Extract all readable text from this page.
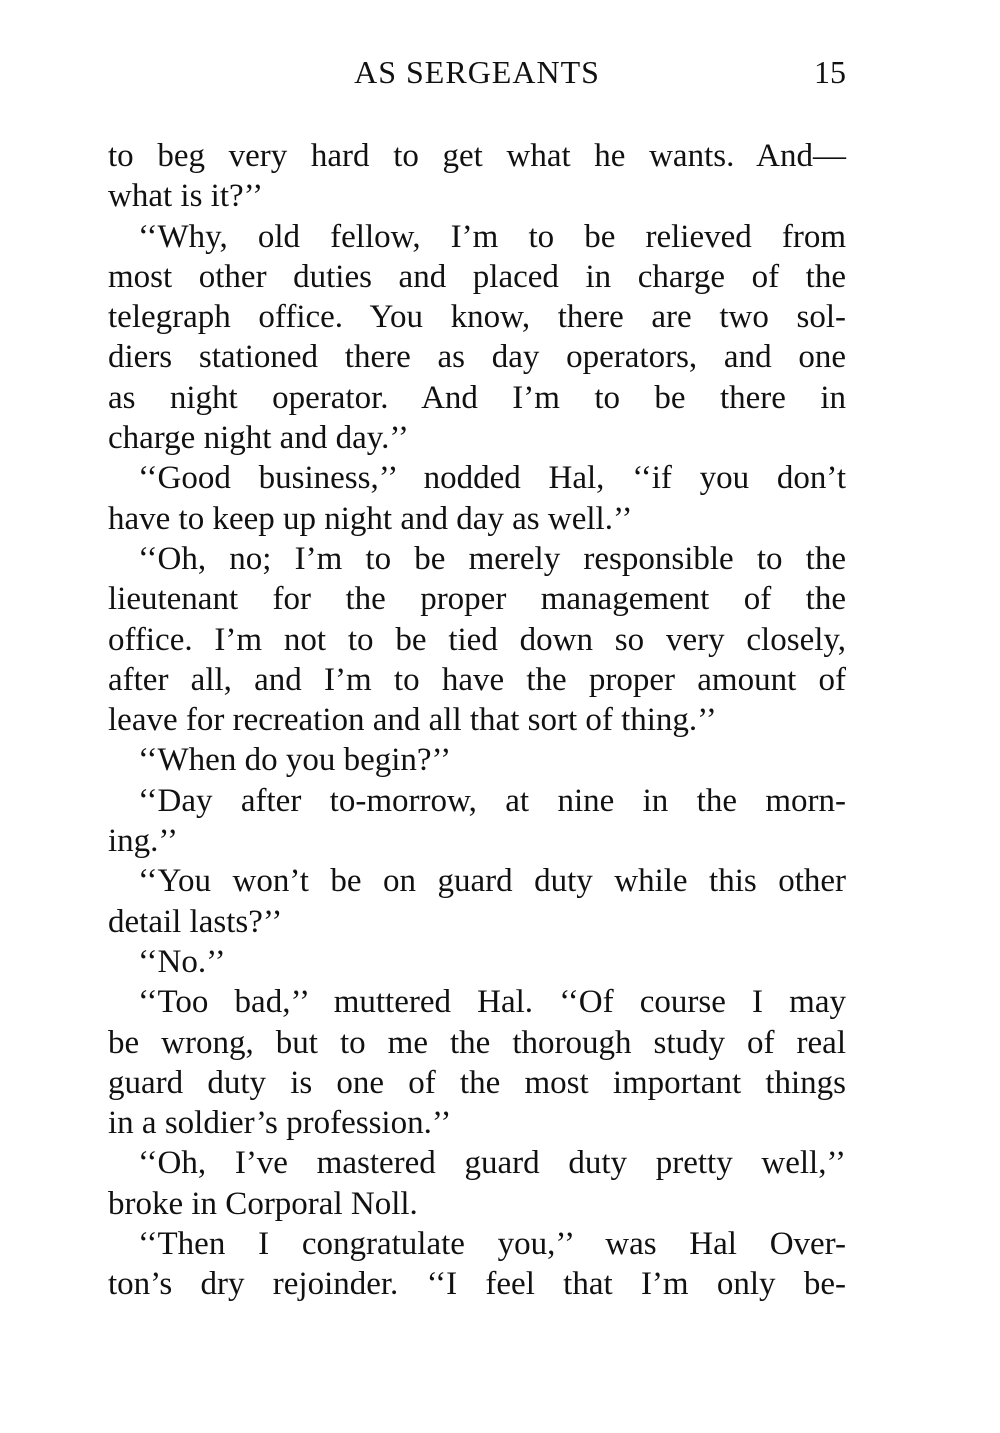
AS SERGEANTS	15
to beg very hard to get what he wants. And—
what is it?’’
‘‘Why, old fellow, I’m to be relieved from
most other duties and placed in charge of the
telegraph office. You know, there are two sol-
diers stationed there as day operators, and one
as night operator. And I’m to be there in
charge night and day.’’
‘‘Good business,’’ nodded Hal, ‘‘if you don’t
have to keep up night and day as well.’’
‘‘Oh, no; I’m to be merely responsible to the
lieutenant for the proper management of the
office. I’m not to be tied down so very closely,
after all, and I’m to have the proper amount of
leave for recreation and all that sort of thing.’’
‘‘When do you begin?’’
‘‘Day after to-morrow, at nine in the morn-
ing.’’
‘‘You won’t be on guard duty while this other
detail lasts?’’
‘‘No.’’
‘‘Too bad,’’ muttered Hal. ‘‘Of course I may
be wrong, but to me the thorough study of real
guard duty is one of the most important things
in a soldier’s profession.’’
‘‘Oh, I’ve mastered guard duty pretty well,’’
broke in Corporal Noll.
‘‘Then I congratulate you,’’ was Hal Over-
ton’s dry rejoinder. ‘‘I feel that I’m only be-
